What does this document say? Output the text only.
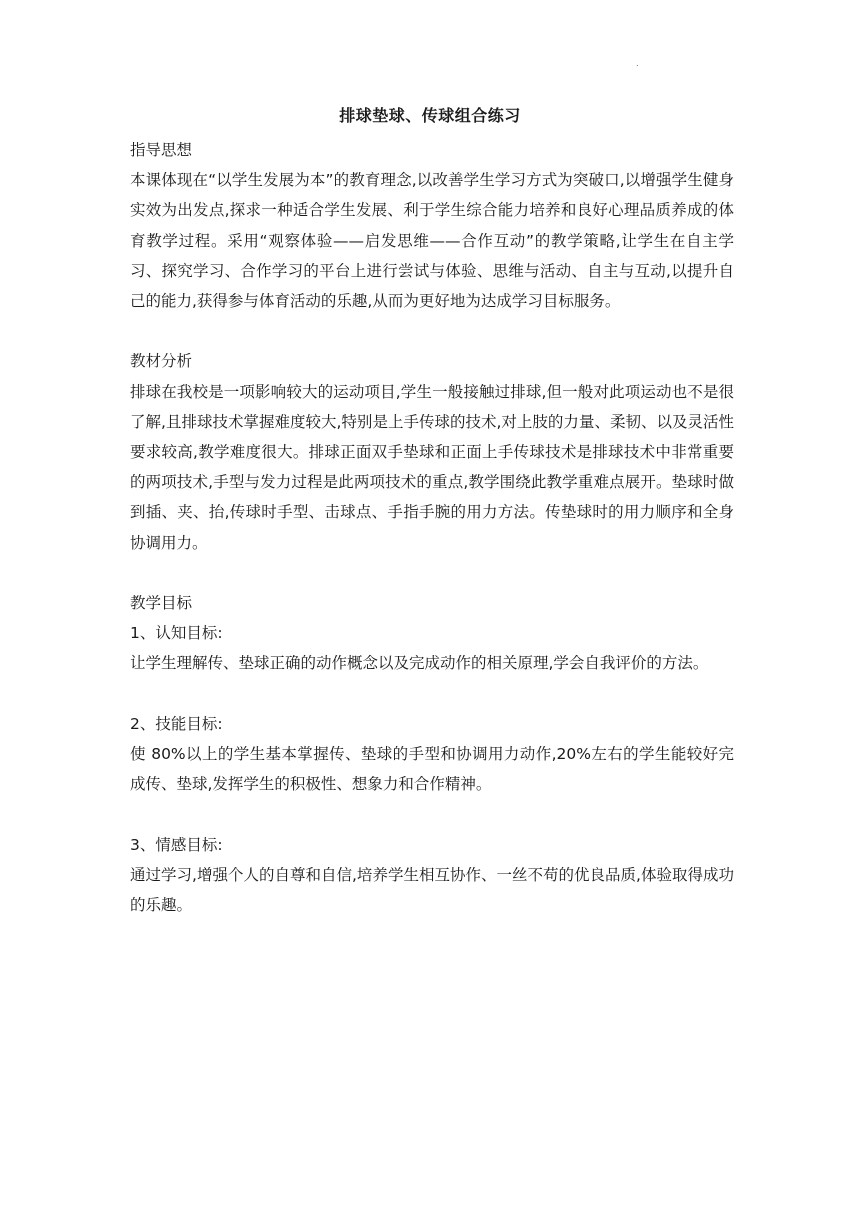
.
排球垫球、传球组合练习

指导思想

本课体现在“以学生发展为本”的教育理念,以改善学生学习方式为突破口,以增强学生健身实效为出发点,探求一种适合学生发展、利于学生综合能力培养和良好心理品质养成的体育教学过程。采用“观察体验——启发思维——合作互动”的教学策略,让学生在自主学习、探究学习、合作学习的平台上进行尝试与体验、思维与活动、自主与互动,以提升自己的能力,获得参与体育活动的乐趣,从而为更好地为达成学习目标服务。

教材分析

排球在我校是一项影响较大的运动项目,学生一般接触过排球,但一般对此项运动也不是很了解,且排球技术掌握难度较大,特别是上手传球的技术,对上肢的力量、柔韧、以及灵活性要求较高,教学难度很大。排球正面双手垫球和正面上手传球技术是排球技术中非常重要的两项技术,手型与发力过程是此两项技术的重点,教学围绕此教学重难点展开。垫球时做到插、夹、抬,传球时手型、击球点、手指手腕的用力方法。传垫球时的用力顺序和全身协调用力。

教学目标

1、认知目标:

让学生理解传、垫球正确的动作概念以及完成动作的相关原理,学会自我评价的方法。

2、技能目标:

使 80%以上的学生基本掌握传、垫球的手型和协调用力动作,20%左右的学生能较好完成传、垫球,发挥学生的积极性、想象力和合作精神。

3、情感目标:

通过学习,增强个人的自尊和自信,培养学生相互协作、一丝不苟的优良品质,体验取得成功的乐趣。
